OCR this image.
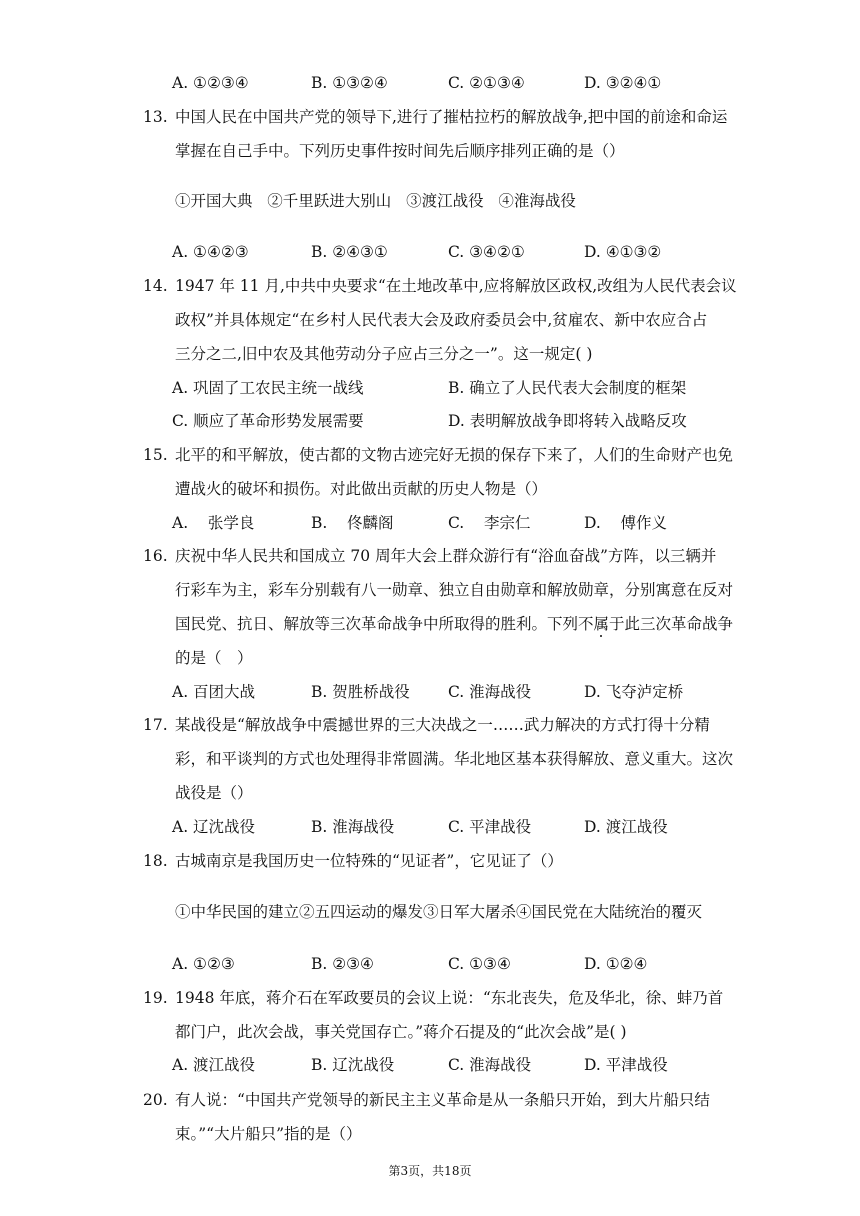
A. ①②③④	B. ①③②④	C. ②①③④	D. ③②④①
13. 中国人民在中国共产党的领导下,进行了摧枯拉朽的解放战争,把中国的前途和命运
掌握在自己手中。下列历史事件按时间先后顺序排列正确的是（）
①开国大典   ②千里跃进大别山   ③渡江战役   ④淮海战役
A. ①④②③	B. ②④③①	C. ③④②①	D. ④①③②
14. 1947 年 11 月,中共中央要求“在土地改革中,应将解放区政权,改组为人民代表会议
政权”并具体规定“在乡村人民代表大会及政府委员会中,贫雇农、新中农应合占
三分之二,旧中农及其他劳动分子应占三分之一”。这一规定( )
A. 巩固了工农民主统一战线	B. 确立了人民代表大会制度的框架
C. 顺应了革命形势发展需要	D. 表明解放战争即将转入战略反攻
15. 北平的和平解放，使古都的文物古迹完好无损的保存下来了，人们的生命财产也免
遭战火的破坏和损伤。对此做出贡献的历史人物是（）
A.    张学良	B.    佟麟阁	C.    李宗仁	D.    傅作义
16. 庆祝中华人民共和国成立 70 周年大会上群众游行有“浴血奋战”方阵，以三辆并
行彩车为主，彩车分别载有八一勋章、独立自由勋章和解放勋章，分别寓意在反对
国民党、抗日、解放等三次革命战争中所取得的胜利。下列不属于此三次革命战争
的是（　）
A. 百团大战	B. 贺胜桥战役 C. 淮海战役	D. 飞夺泸定桥
17. 某战役是“解放战争中震撼世界的三大决战之一……武力解决的方式打得十分精
彩，和平谈判的方式也处理得非常圆满。华北地区基本获得解放、意义重大。这次
战役是（）
A. 辽沈战役	B. 淮海战役	C. 平津战役	D. 渡江战役
18. 古城南京是我国历史一位特殊的“见证者”，它见证了（）
①中华民国的建立②五四运动的爆发③日军大屠杀④国民党在大陆统治的覆灭
A. ①②③	B. ②③④	C. ①③④	D. ①②④
19. 1948 年底，蒋介石在军政要员的会议上说：“东北丧失，危及华北，徐、蚌乃首
都门户，此次会战，事关党国存亡。”蒋介石提及的“此次会战”是( )
A. 渡江战役	B. 辽沈战役	C. 淮海战役	D. 平津战役
20. 有人说：“中国共产党领导的新民主主义革命是从一条船只开始，到大片船只结
束。”“大片船只”指的是（）
第3页，共18页
